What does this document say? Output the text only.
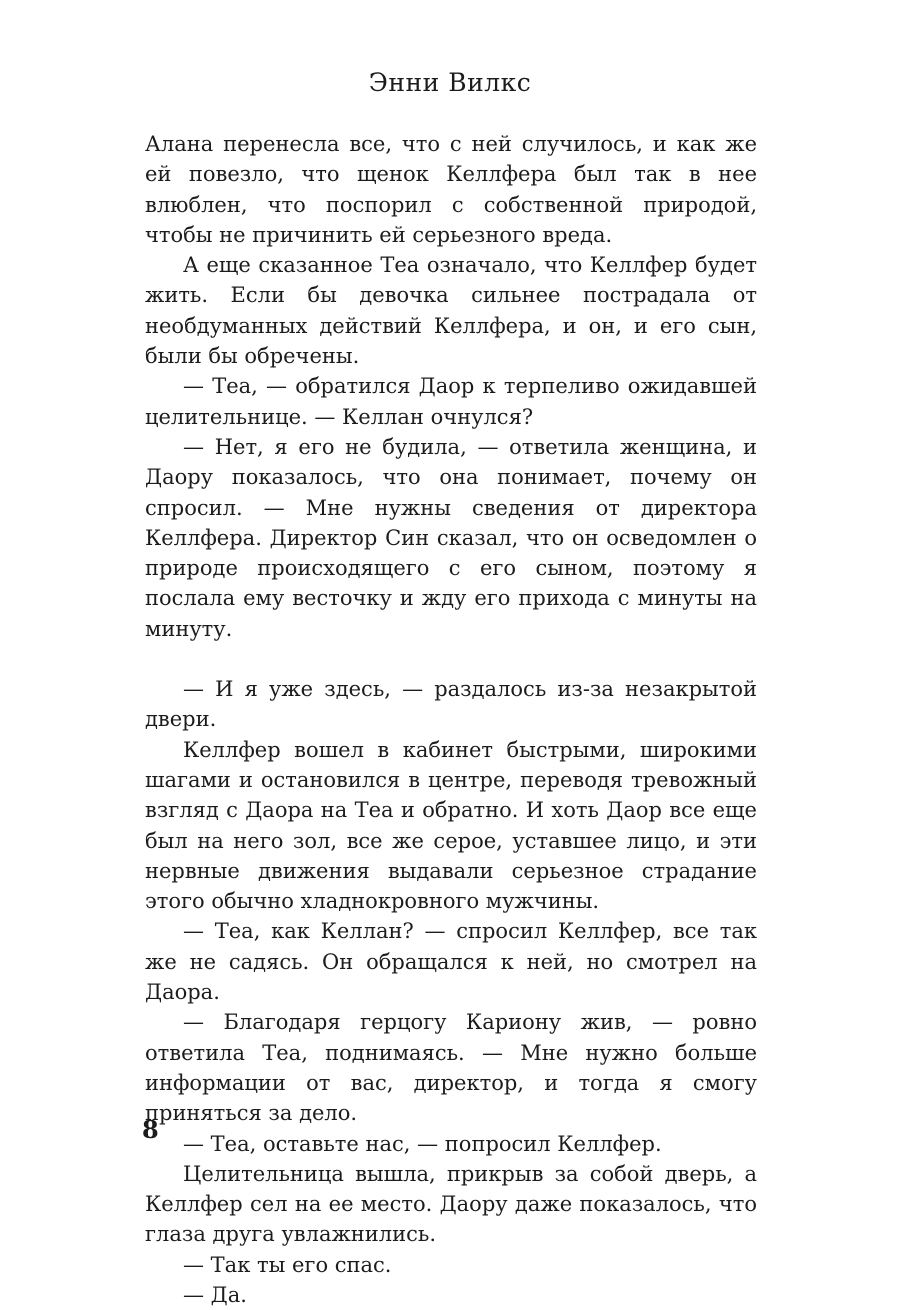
Энни Вилкс

Алана перенесла все, что с ней случилось, и как же ей повезло, что щенок Келлфера был так в нее влюблен, что поспорил с собственной природой, чтобы не причинить ей серьезного вреда.

А еще сказанное Теа означало, что Келлфер будет жить. Если бы девочка сильнее пострадала от необдуманных действий Келлфера, и он, и его сын, были бы обречены.

— Теа, — обратился Даор к терпеливо ожидавшей целительнице. — Келлан очнулся?

— Нет, я его не будила, — ответила женщина, и Даору показалось, что она понимает, почему он спросил. — Мне нужны сведения от директора Келлфера. Директор Син сказал, что он осведомлен о природе происходящего с его сыном, поэтому я послала ему весточку и жду его прихода с минуты на минуту.

— И я уже здесь, — раздалось из-за незакрытой двери.

Келлфер вошел в кабинет быстрыми, широкими шагами и остановился в центре, переводя тревожный взгляд с Даора на Теа и обратно. И хоть Даор все еще был на него зол, все же серое, уставшее лицо, и эти нервные движения выдавали серьезное страдание этого обычно хладнокровного мужчины.

— Теа, как Келлан? — спросил Келлфер, все так же не садясь. Он обращался к ней, но смотрел на Даора.

— Благодаря герцогу Кариону жив, — ровно ответила Теа, поднимаясь. — Мне нужно больше информации от вас, директор, и тогда я смогу приняться за дело.

— Теа, оставьте нас, — попросил Келлфер.

Целительница вышла, прикрыв за собой дверь, а Келлфер сел на ее место. Даору даже показалось, что глаза друга увлажнились.

— Так ты его спас.

— Да.

8
